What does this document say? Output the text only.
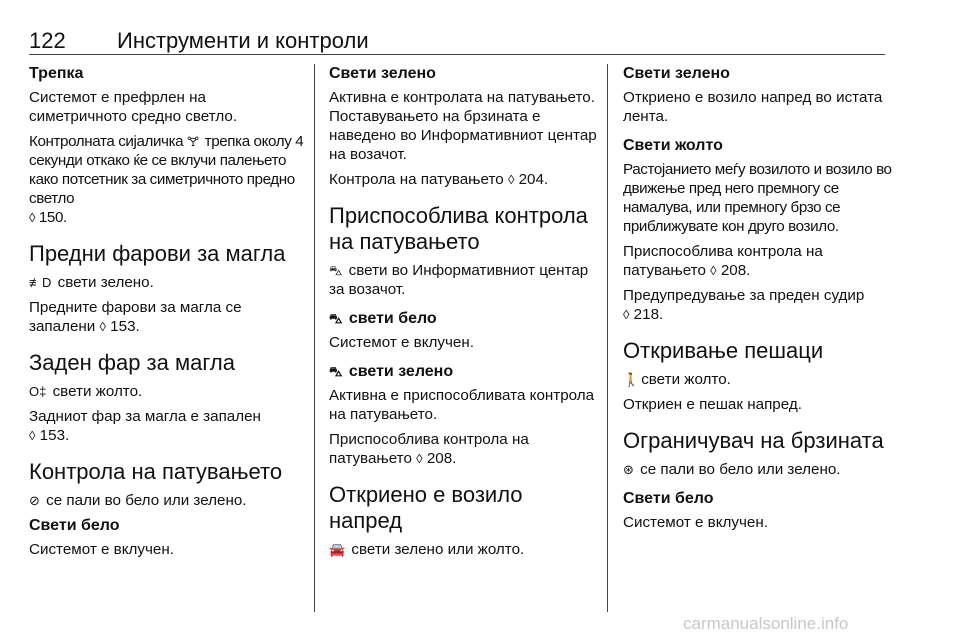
122 Инструменти и контроли
Трепка

Системот е префрлен на симетричното средно светло.

Контролната сијаличка 🝖 трепка околу 4 секунди откако ќе се вклучи палењето како потсетник за симетричното предно светло
◊ 150.

Предни фарови за магла

≢D свети зелено.

Предните фарови за магла се запалени ◊ 153.

Заден фар за магла

O‡ свети жолто.

Задниот фар за магла е запален
◊ 153.

Контрола на патувањето

⊘ се пали во бело или зелено.

Свети бело

Системот е вклучен.

Свети зелено

Активна е контролата на патувањето. Поставувањето на брзината е наведено во Информативниот центар на возачот.

Контрола на патувањето ◊ 204.

Приспособлива контрола на патувањето

⛍ свети во Информативниот центар за возачот.

⛍ свети бело

Системот е вклучен.

⛍ свети зелено

Активна е приспособливата контрола на патувањето.

Приспособлива контрола на патувањето ◊ 208.

Откриено е возило напред

🚘 свети зелено или жолто.

Свети зелено

Откриено е возило напред во истата лента.

Свети жолто

Растојанието меѓу возилото и возило во движење пред него премногу се намалува, или премногу брзо се приближувате кон друго возило.

Приспособлива контрола на патувањето ◊ 208.

Предупредување за преден судир
◊ 218.

Откривање пешаци

🚶 свети жолто.

Откриен е пешак напред.

Ограничувач на брзината

⊛ се пали во бело или зелено.

Свети бело

Системот е вклучен.

carmanualsonline.info
